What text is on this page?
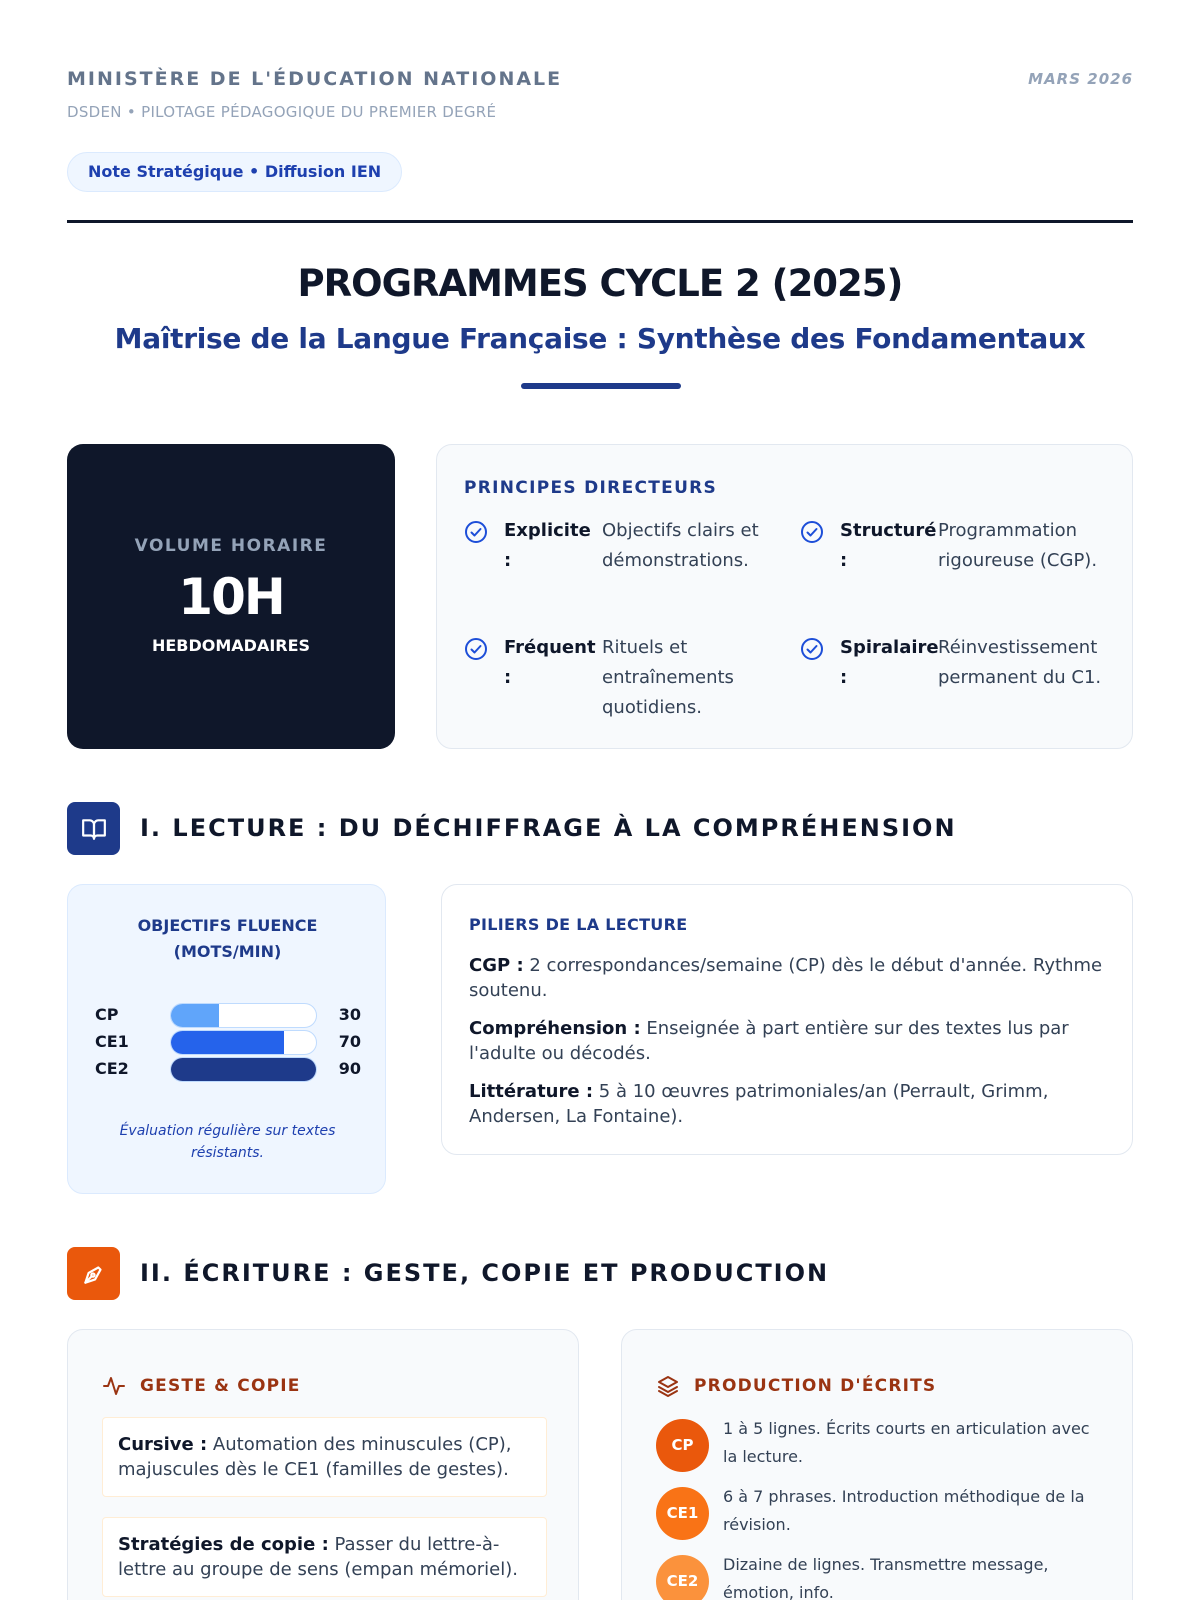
MINISTÈRE DE L'ÉDUCATION NATIONALE
DSDEN • PILOTAGE PÉDAGOGIQUE DU PREMIER DEGRÉ
MARS 2026
Note Stratégique • Diffusion IEN
PROGRAMMES CYCLE 2 (2025)
Maîtrise de la Langue Française : Synthèse des Fondamentaux
VOLUME HORAIRE
10H
HEBDOMADAIRES
PRINCIPES DIRECTEURS
Explicite
:
Objectifs clairs et démonstrations.
Structuré
:
Programmation rigoureuse (CGP).
Fréquent
:
Rituels et entraînements quotidiens.
Spiralaire
:
Réinvestissement permanent du C1.
I. LECTURE : DU DÉCHIFFRAGE À LA COMPRÉHENSION
OBJECTIFS FLUENCE
(MOTS/MIN)
CP	30
CE1	70
CE2	90
Évaluation régulière sur textes résistants.
PILIERS DE LA LECTURE
CGP : 2 correspondances/semaine (CP) dès le début d'année. Rythme soutenu.
Compréhension : Enseignée à part entière sur des textes lus par l'adulte ou décodés.
Littérature : 5 à 10 œuvres patrimoniales/an (Perrault, Grimm, Andersen, La Fontaine).
II. ÉCRITURE : GESTE, COPIE ET PRODUCTION
GESTE & COPIE
Cursive : Automation des minuscules (CP), majuscules dès le CE1 (familles de gestes).
Stratégies de copie : Passer du lettre-à-lettre au groupe de sens (empan mémoriel).
PRODUCTION D'ÉCRITS
CP
1 à 5 lignes. Écrits courts en articulation avec la lecture.
CE1
6 à 7 phrases. Introduction méthodique de la révision.
CE2
Dizaine de lignes. Transmettre message, émotion, info.
